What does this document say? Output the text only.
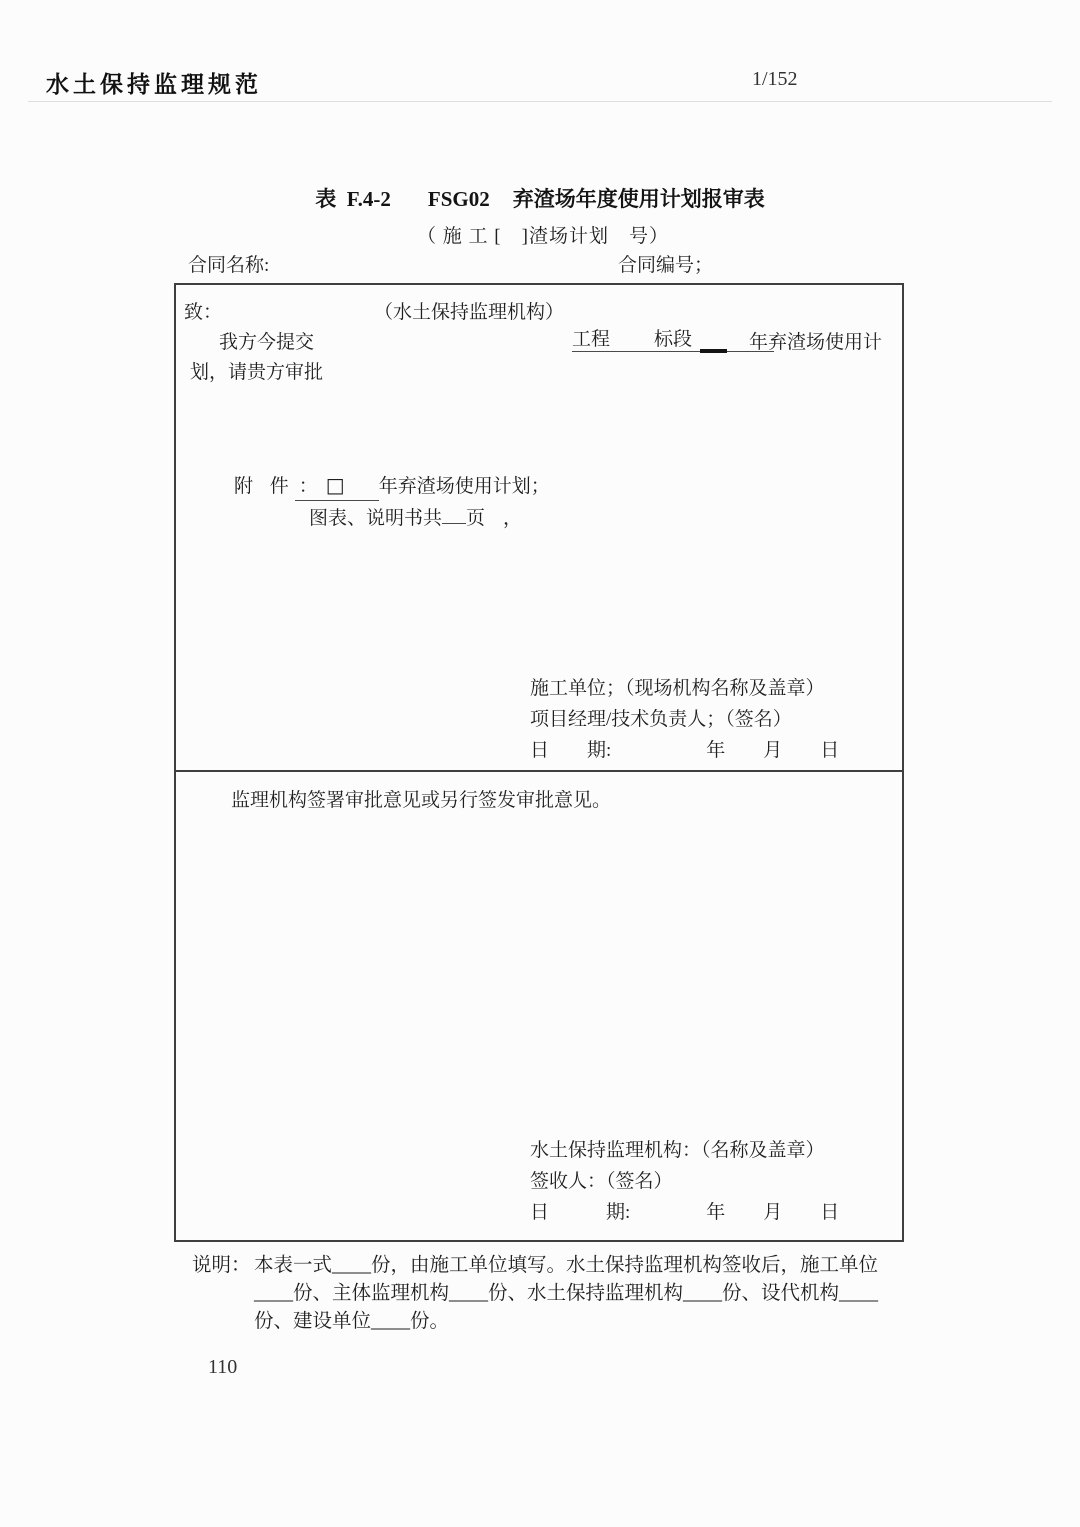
水土保持监理规范	1/152
表  F.4-2 FSG02 弃渣场年度使用计划报审表
（ 施 工 [　]渣场计划　号）
合同名称:	合同编号；
致：	（水土保持监理机构）
我方今提交	工程 标段	年弃渣场使用计
划，请贵方审批
附 件 ： □ 年弃渣场使用计划；
图表、说明书共 页 ，
施工单位；（现场机构名称及盖章）
项目经理/技术负责人；（签名）
日　　期:　　　　　年　　月　　日
监理机构签署审批意见或另行签发审批意见。
水土保持监理机构：（名称及盖章）
签收人：（签名）
日　　　期:　　　　年　　月　　日
说明： 本表一式____份，由施工单位填写。水土保持监理机构签收后，施工单位
____份、主体监理机构____份、水土保持监理机构____份、设代机构____
份、建设单位____份。
110
